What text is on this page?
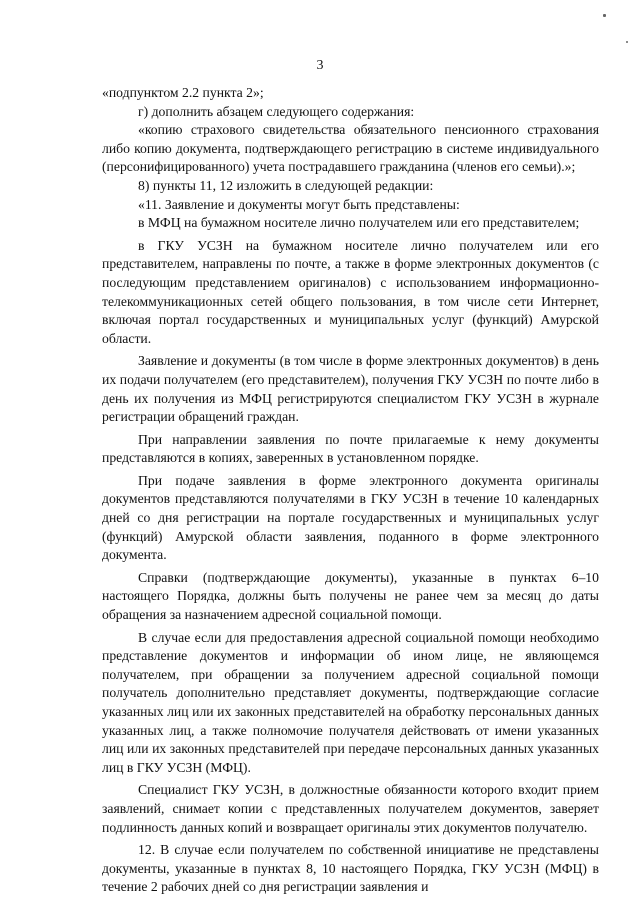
3

«подпунктом 2.2 пункта 2»;

г) дополнить абзацем следующего содержания:

«копию страхового свидетельства обязательного пенсионного страхования либо копию документа, подтверждающего регистрацию в системе индивидуального (персонифицированного) учета пострадавшего гражданина (членов его семьи).»;

8) пункты 11, 12 изложить в следующей редакции:

«11. Заявление и документы могут быть представлены:

в МФЦ на бумажном носителе лично получателем или его представителем;

в ГКУ УСЗН на бумажном носителе лично получателем или его представителем, направлены по почте, а также в форме электронных документов (с последующим представлением оригиналов) с использованием информационно-телекоммуникационных сетей общего пользования, в том числе сети Интернет, включая портал государственных и муниципальных услуг (функций) Амурской области.

Заявление и документы (в том числе в форме электронных документов) в день их подачи получателем (его представителем), получения ГКУ УСЗН по почте либо в день их получения из МФЦ регистрируются специалистом ГКУ УСЗН в журнале регистрации обращений граждан.

При направлении заявления по почте прилагаемые к нему документы представляются в копиях, заверенных в установленном порядке.

При подаче заявления в форме электронного документа оригиналы документов представляются получателями в ГКУ УСЗН в течение 10 календарных дней со дня регистрации на портале государственных и муниципальных услуг (функций) Амурской области заявления, поданного в форме электронного документа.

Справки (подтверждающие документы), указанные в пунктах 6–10 настоящего Порядка, должны быть получены не ранее чем за месяц до даты обращения за назначением адресной социальной помощи.

В случае если для предоставления адресной социальной помощи необходимо представление документов и информации об ином лице, не являющемся получателем, при обращении за получением адресной социальной помощи получатель дополнительно представляет документы, подтверждающие согласие указанных лиц или их законных представителей на обработку персональных данных указанных лиц, а также полномочие получателя действовать от имени указанных лиц или их законных представителей при передаче персональных данных указанных лиц в ГКУ УСЗН (МФЦ).

Специалист ГКУ УСЗН, в должностные обязанности которого входит прием заявлений, снимает копии с представленных получателем документов, заверяет подлинность данных копий и возвращает оригиналы этих документов получателю.

12. В случае если получателем по собственной инициативе не представлены документы, указанные в пунктах 8, 10 настоящего Порядка, ГКУ УСЗН (МФЦ) в течение 2 рабочих дней со дня регистрации заявления и
